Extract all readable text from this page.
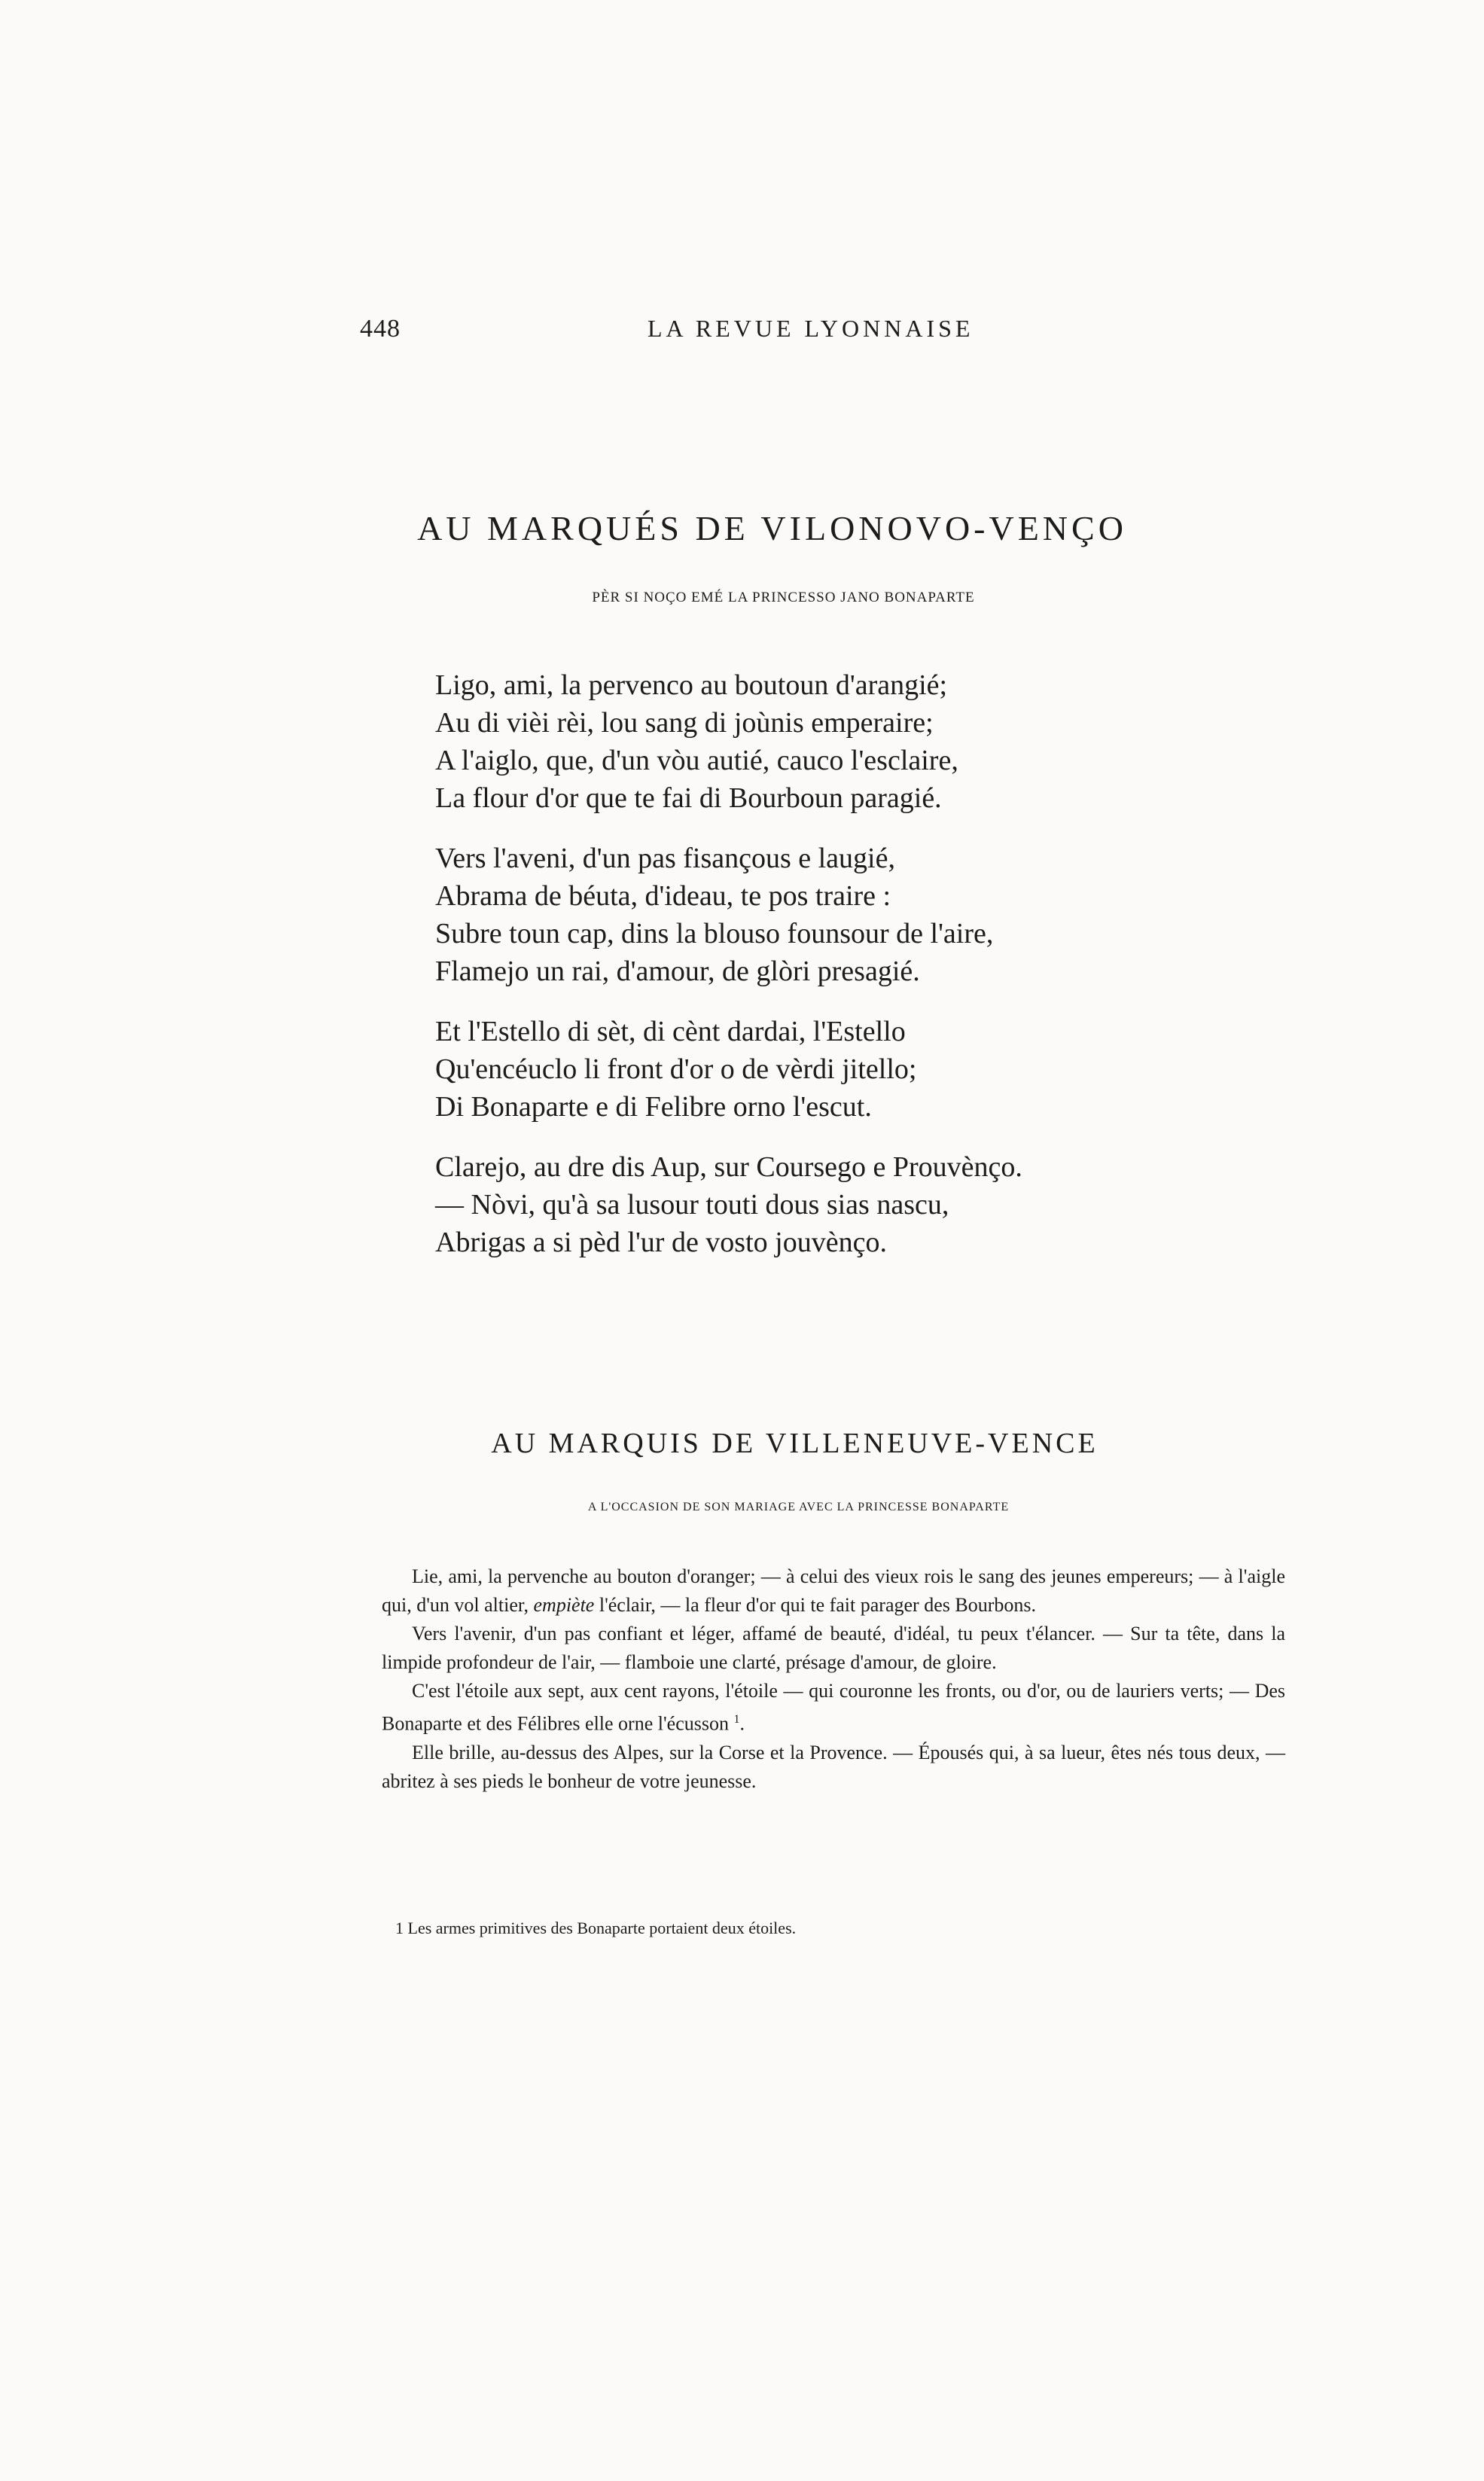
448	LA REVUE LYONNAISE
AU MARQUÉS DE VILONOVO-VENÇO
PÈR SI NOÇO EMÉ LA PRINCESSO JANO BONAPARTE
Ligo, ami, la pervenco au boutoun d'arangié;
Au di vièi rèi, lou sang di joùnis emperaire;
A l'aiglo, que, d'un vòu autié, cauco l'esclaire,
La flour d'or que te fai di Bourboun paragié.
Vers l'aveni, d'un pas fisançous e laugié,
Abrama de béuta, d'ideau, te pos traire :
Subre toun cap, dins la blouso founsour de l'aire,
Flamejo un rai, d'amour, de glòri presagié.
Et l'Estello di sèt, di cènt dardai, l'Estello
Qu'encéuclo li front d'or o de vèrdi jitello;
Di Bonaparte e di Felibre orno l'escut.
Clarejo, au dre dis Aup, sur Coursego e Prouvènço.
— Nòvi, qu'à sa lusour touti dous sias nascu,
Abrigas a si pèd l'ur de vosto jouvènço.
AU MARQUIS DE VILLENEUVE-VENCE
A L'OCCASION DE SON MARIAGE AVEC LA PRINCESSE BONAPARTE

Lie, ami, la pervenche au bouton d'oranger; — à celui des vieux rois le sang des jeunes empereurs; — à l'aigle qui, d'un vol altier, empiète l'éclair, — la fleur d'or qui te fait parager des Bourbons.

Vers l'avenir, d'un pas confiant et léger, affamé de beauté, d'idéal, tu peux t'élancer. — Sur ta tête, dans la limpide profondeur de l'air, — flamboie une clarté, présage d'amour, de gloire.

C'est l'étoile aux sept, aux cent rayons, l'étoile — qui couronne les fronts, ou d'or, ou de lauriers verts; — Des Bonaparte et des Félibres elle orne l'écusson $^1$.

Elle brille, au-dessus des Alpes, sur la Corse et la Provence. — Épousés qui, à sa lueur, êtes nés tous deux, — abritez à ses pieds le bonheur de votre jeunesse.

1 Les armes primitives des Bonaparte portaient deux étoiles.
